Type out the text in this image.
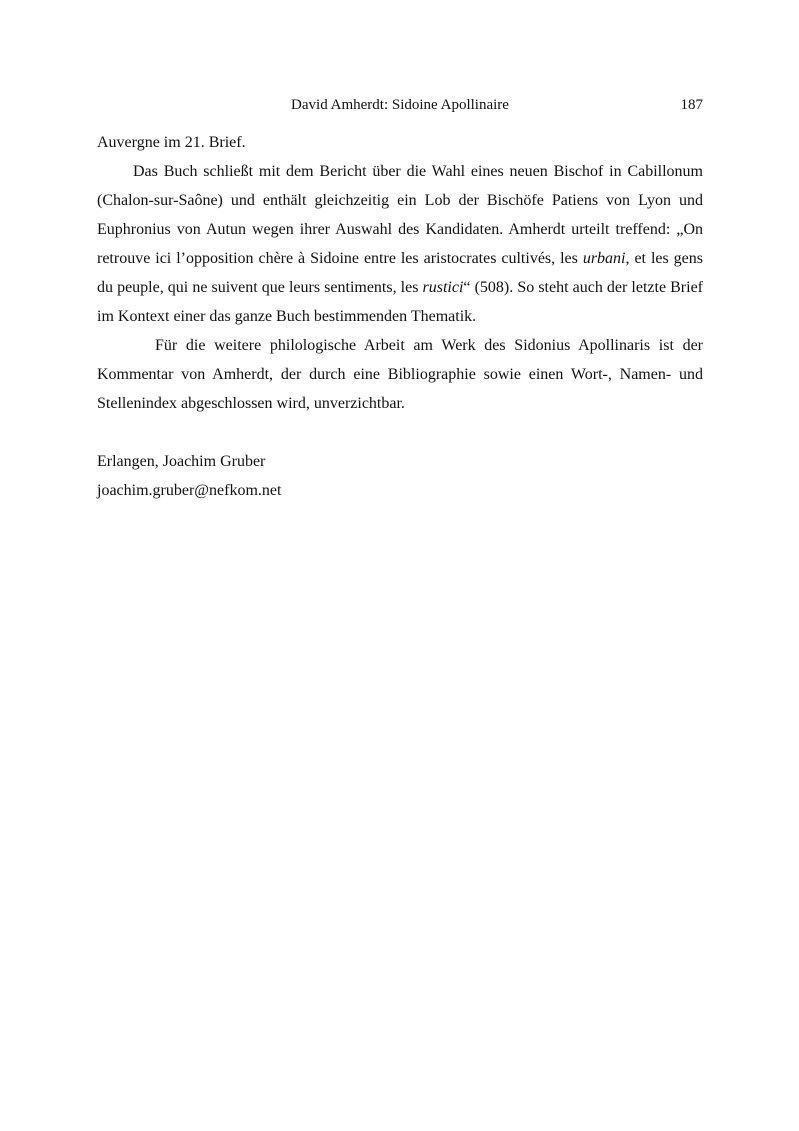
David Amherdt: Sidoine Apollinaire	187

Auvergne im 21. Brief.

Das Buch schließt mit dem Bericht über die Wahl eines neuen Bischof in Cabillonum (Chalon-sur-Saône) und enthält gleichzeitig ein Lob der Bischöfe Patiens von Lyon und Euphronius von Autun wegen ihrer Auswahl des Kandidaten. Amherdt urteilt treffend: „On retrouve ici l’opposition chère à Sidoine entre les aristocrates cultivés, les urbani, et les gens du peuple, qui ne suivent que leurs sentiments, les rustici“ (508). So steht auch der letzte Brief im Kontext einer das ganze Buch bestimmenden Thematik.

Für die weitere philologische Arbeit am Werk des Sidonius Apollinaris ist der Kommentar von Amherdt, der durch eine Bibliographie sowie einen Wort-, Namen- und Stellenindex abgeschlossen wird, unverzichtbar.

Erlangen, Joachim Gruber

joachim.gruber@nefkom.net
